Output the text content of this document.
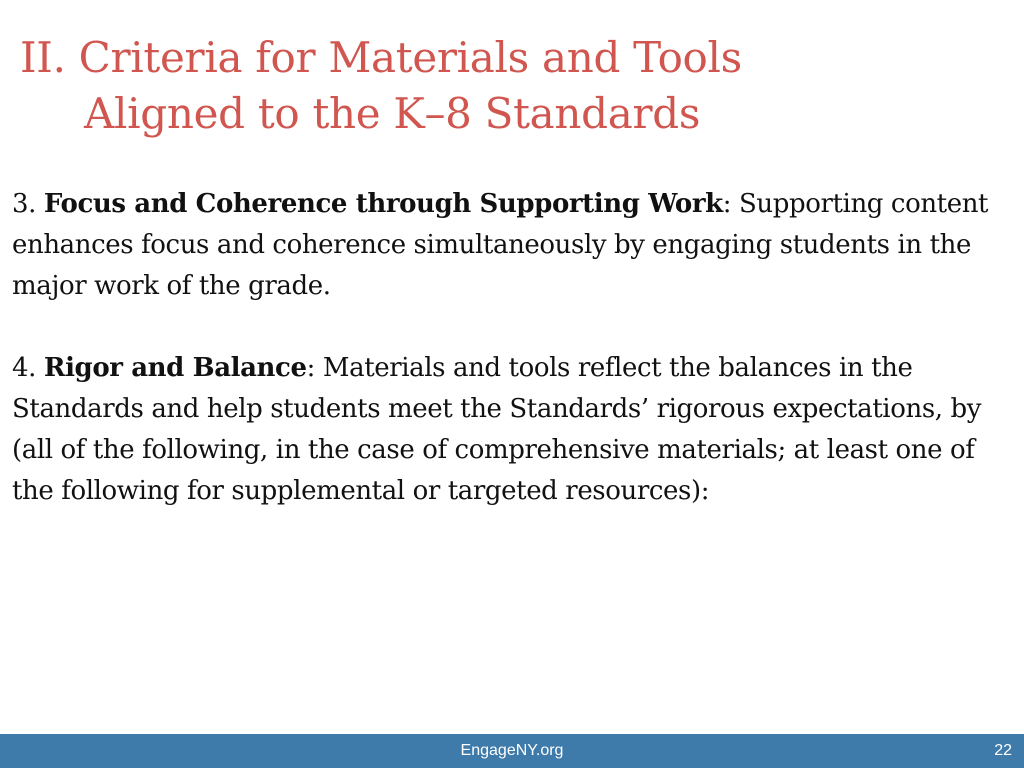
II. Criteria for Materials and Tools
Aligned to the K–8 Standards

3. Focus and Coherence through Supporting Work: Supporting content enhances focus and coherence simultaneously by engaging students in the major work of the grade.

4. Rigor and Balance: Materials and tools reflect the balances in the Standards and help students meet the Standards’ rigorous expectations, by (all of the following, in the case of comprehensive materials; at least one of the following for supplemental or targeted resources):

EngageNY.org	22
